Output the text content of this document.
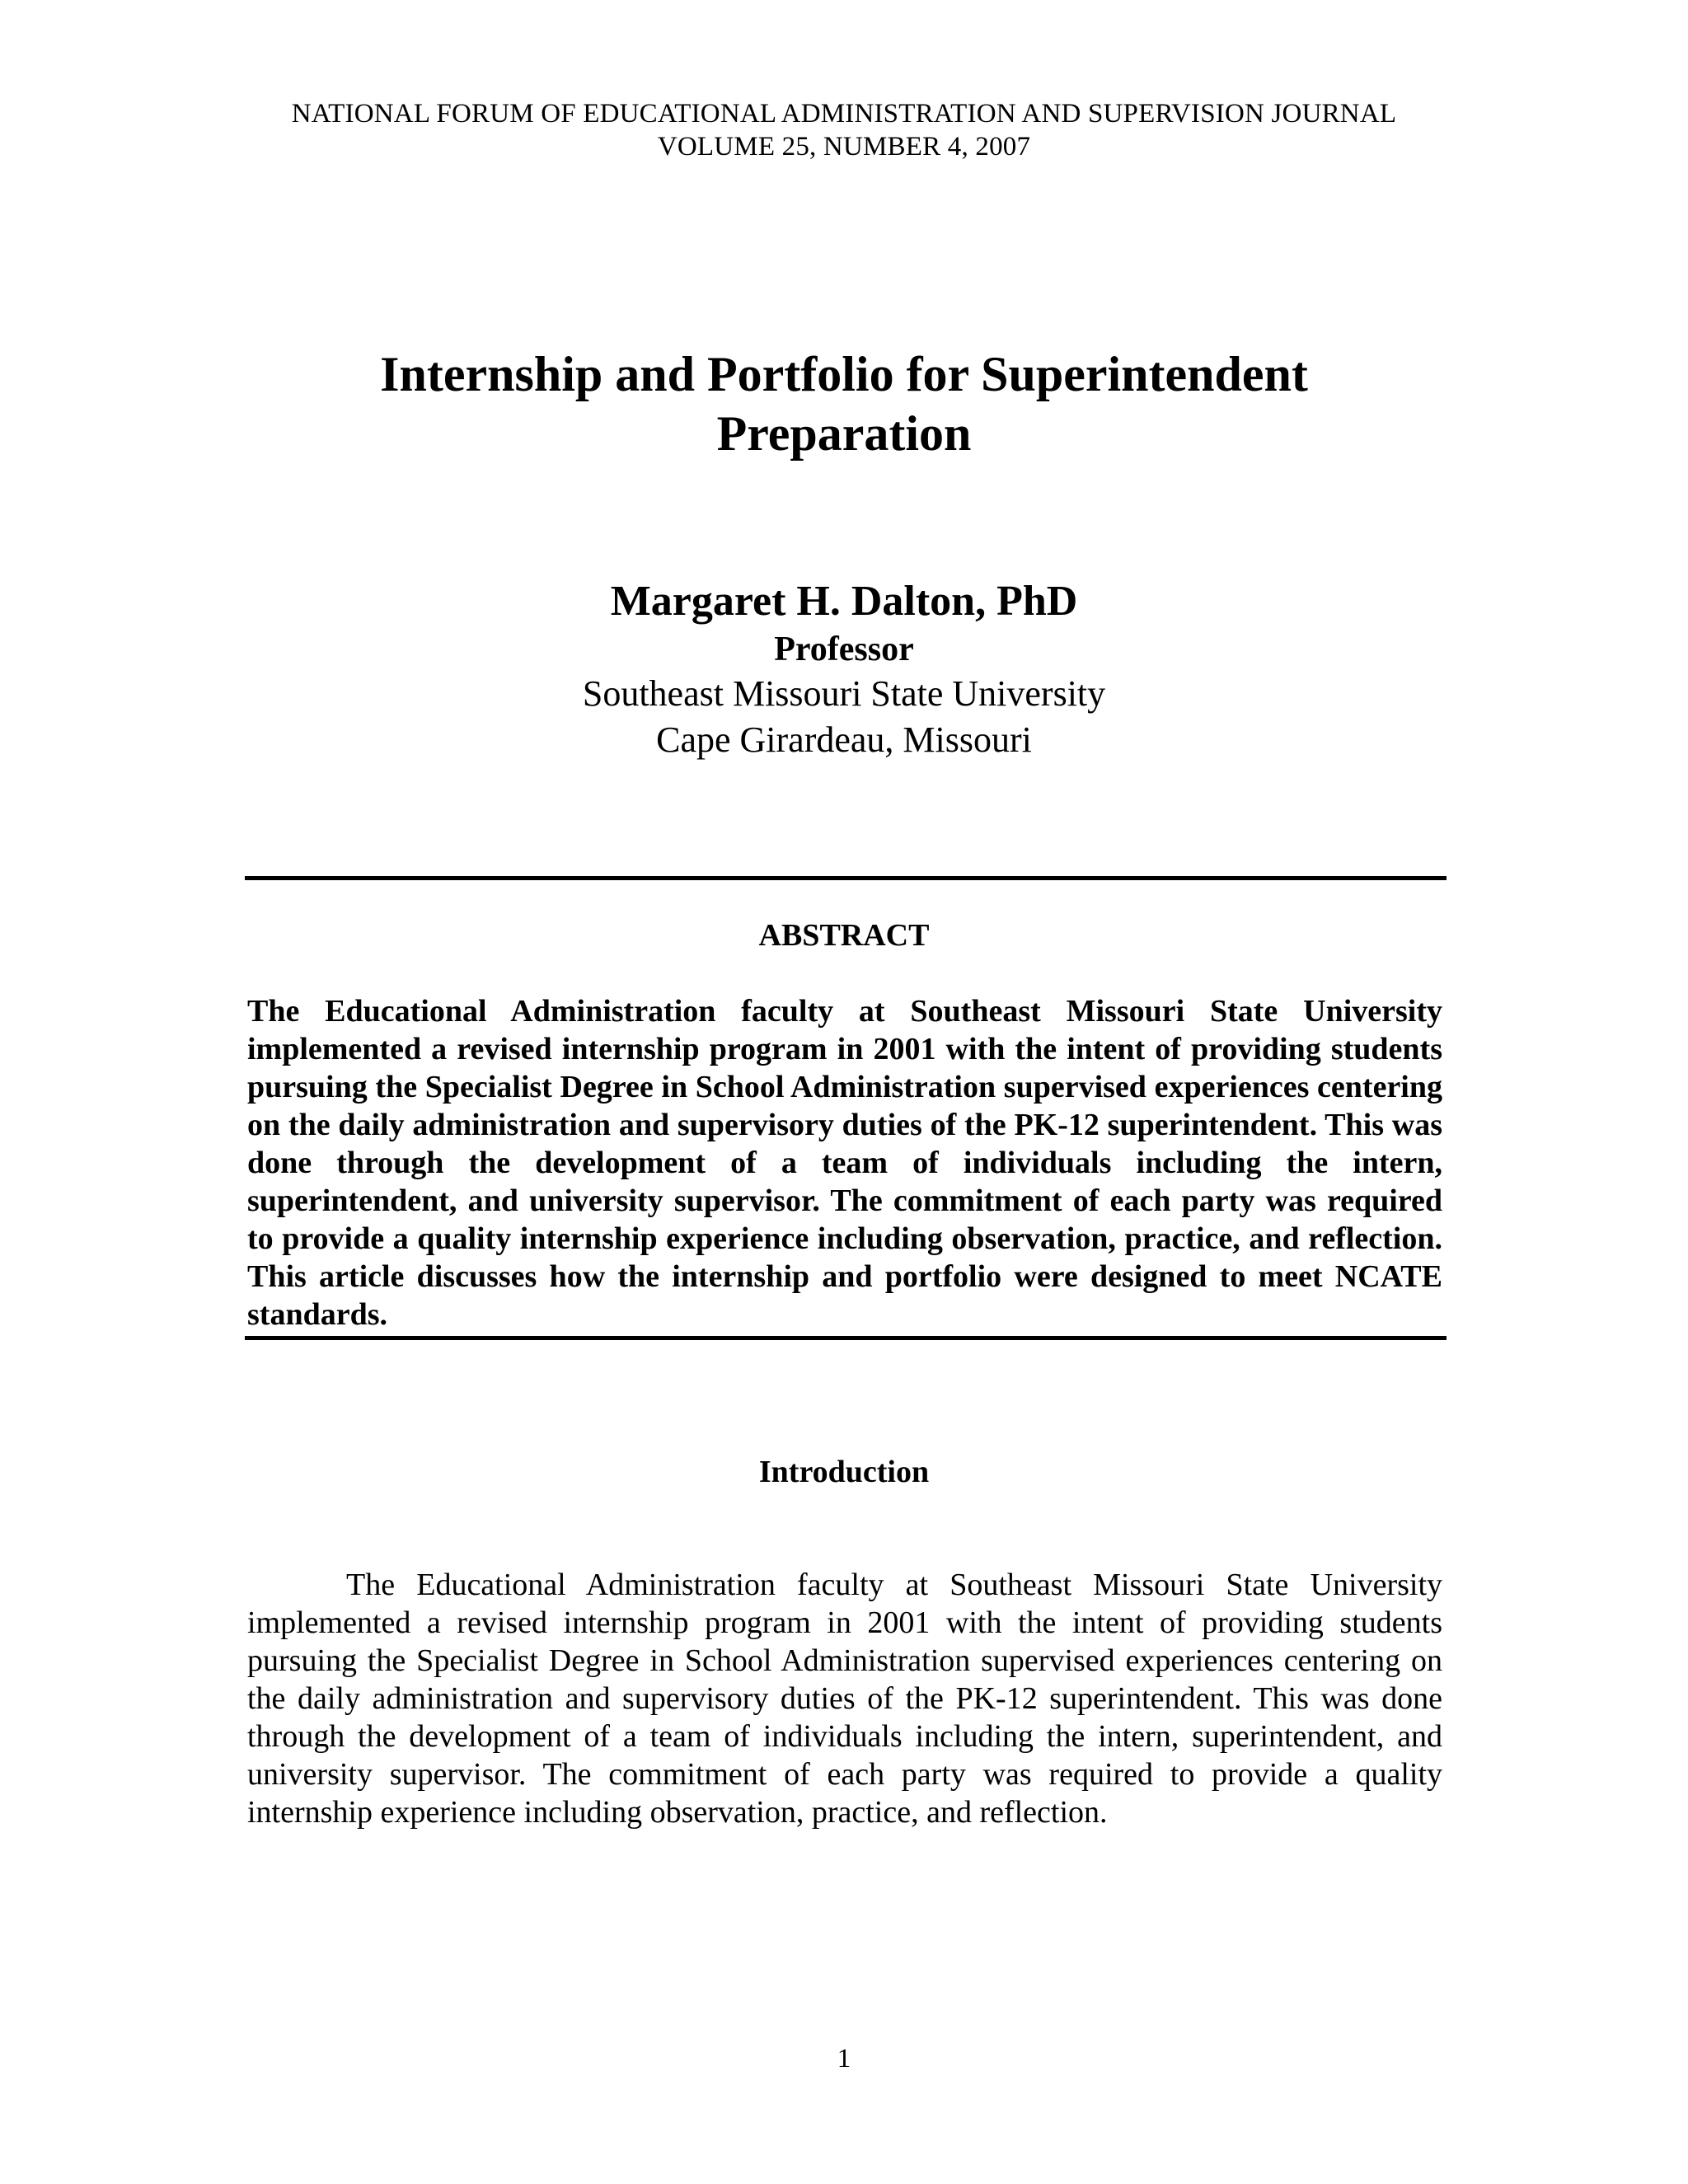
NATIONAL FORUM OF EDUCATIONAL ADMINISTRATION AND SUPERVISION JOURNAL
VOLUME 25, NUMBER 4, 2007
Internship and Portfolio for Superintendent
Preparation
Margaret H. Dalton, PhD
Professor
Southeast Missouri State University
Cape Girardeau, Missouri
ABSTRACT

The Educational Administration faculty at Southeast Missouri State University implemented a revised internship program in 2001 with the intent of providing students pursuing the Specialist Degree in School Administration supervised experiences centering on the daily administration and supervisory duties of the PK-12 superintendent. This was done through the development of a team of individuals including the intern, superintendent, and university supervisor. The commitment of each party was required to provide a quality internship experience including observation, practice, and reflection. This article discusses how the internship and portfolio were designed to meet NCATE standards.

Introduction

The Educational Administration faculty at Southeast Missouri State University implemented a revised internship program in 2001 with the intent of providing students pursuing the Specialist Degree in School Administration supervised experiences centering on the daily administration and supervisory duties of the PK-12 superintendent. This was done through the development of a team of individuals including the intern, superintendent, and university supervisor. The commitment of each party was required to provide a quality internship experience including observation, practice, and reflection.

1
